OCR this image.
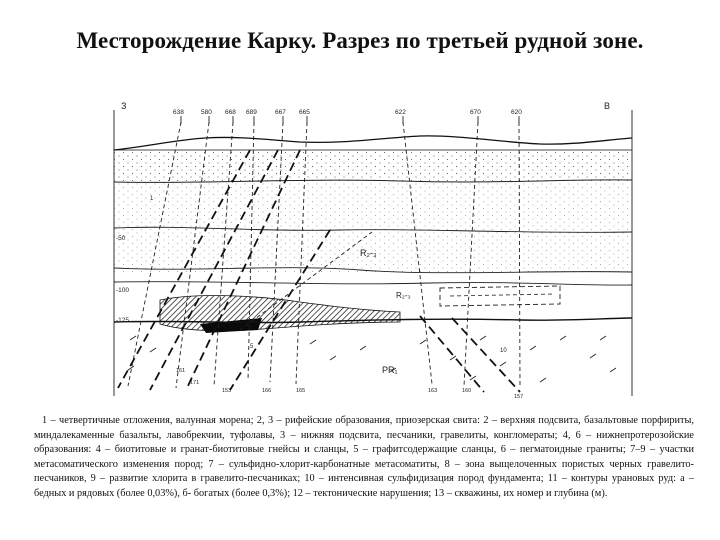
Месторождение Карку. Разрез по третьей рудной зоне.
З	В
638	580 668 689	667 665	622	670	620
-50
-100
-125
R₂-₃
R₂-₃
PR₁
161
153
171
166	165	163	160
157
1
5
10
1 – четвертичные отложения, валунная морена; 2, 3 – рифейские образования, приозерская свита: 2 – верхняя подсвита, базальтовые порфириты, миндалекаменные базальты, лавобрекчии, туфолавы, 3 – нижняя подсвита, песчаники, гравелиты, конгломераты; 4, 6 – нижнепротерозойские образования: 4 – биотитовые и гранат-биотитовые гнейсы и сланцы, 5 – графитсодержащие сланцы, 6 – пегматоидные граниты; 7–9 – участки метасоматического изменения пород; 7 – сульфидно-хлорит-карбонатные метасоматиты, 8 – зона выщелоченных пористых черных гравелито-песчаников, 9 – развитие хлорита в гравелито-песчаниках; 10 – интенсивная сульфидизация пород фундамента; 11 – контуры урановых руд: а – бедных и рядовых (более 0,03%), б- богатых (более 0,3%); 12 – тектонические нарушения; 13 – скважины, их номер и глубина (м).
